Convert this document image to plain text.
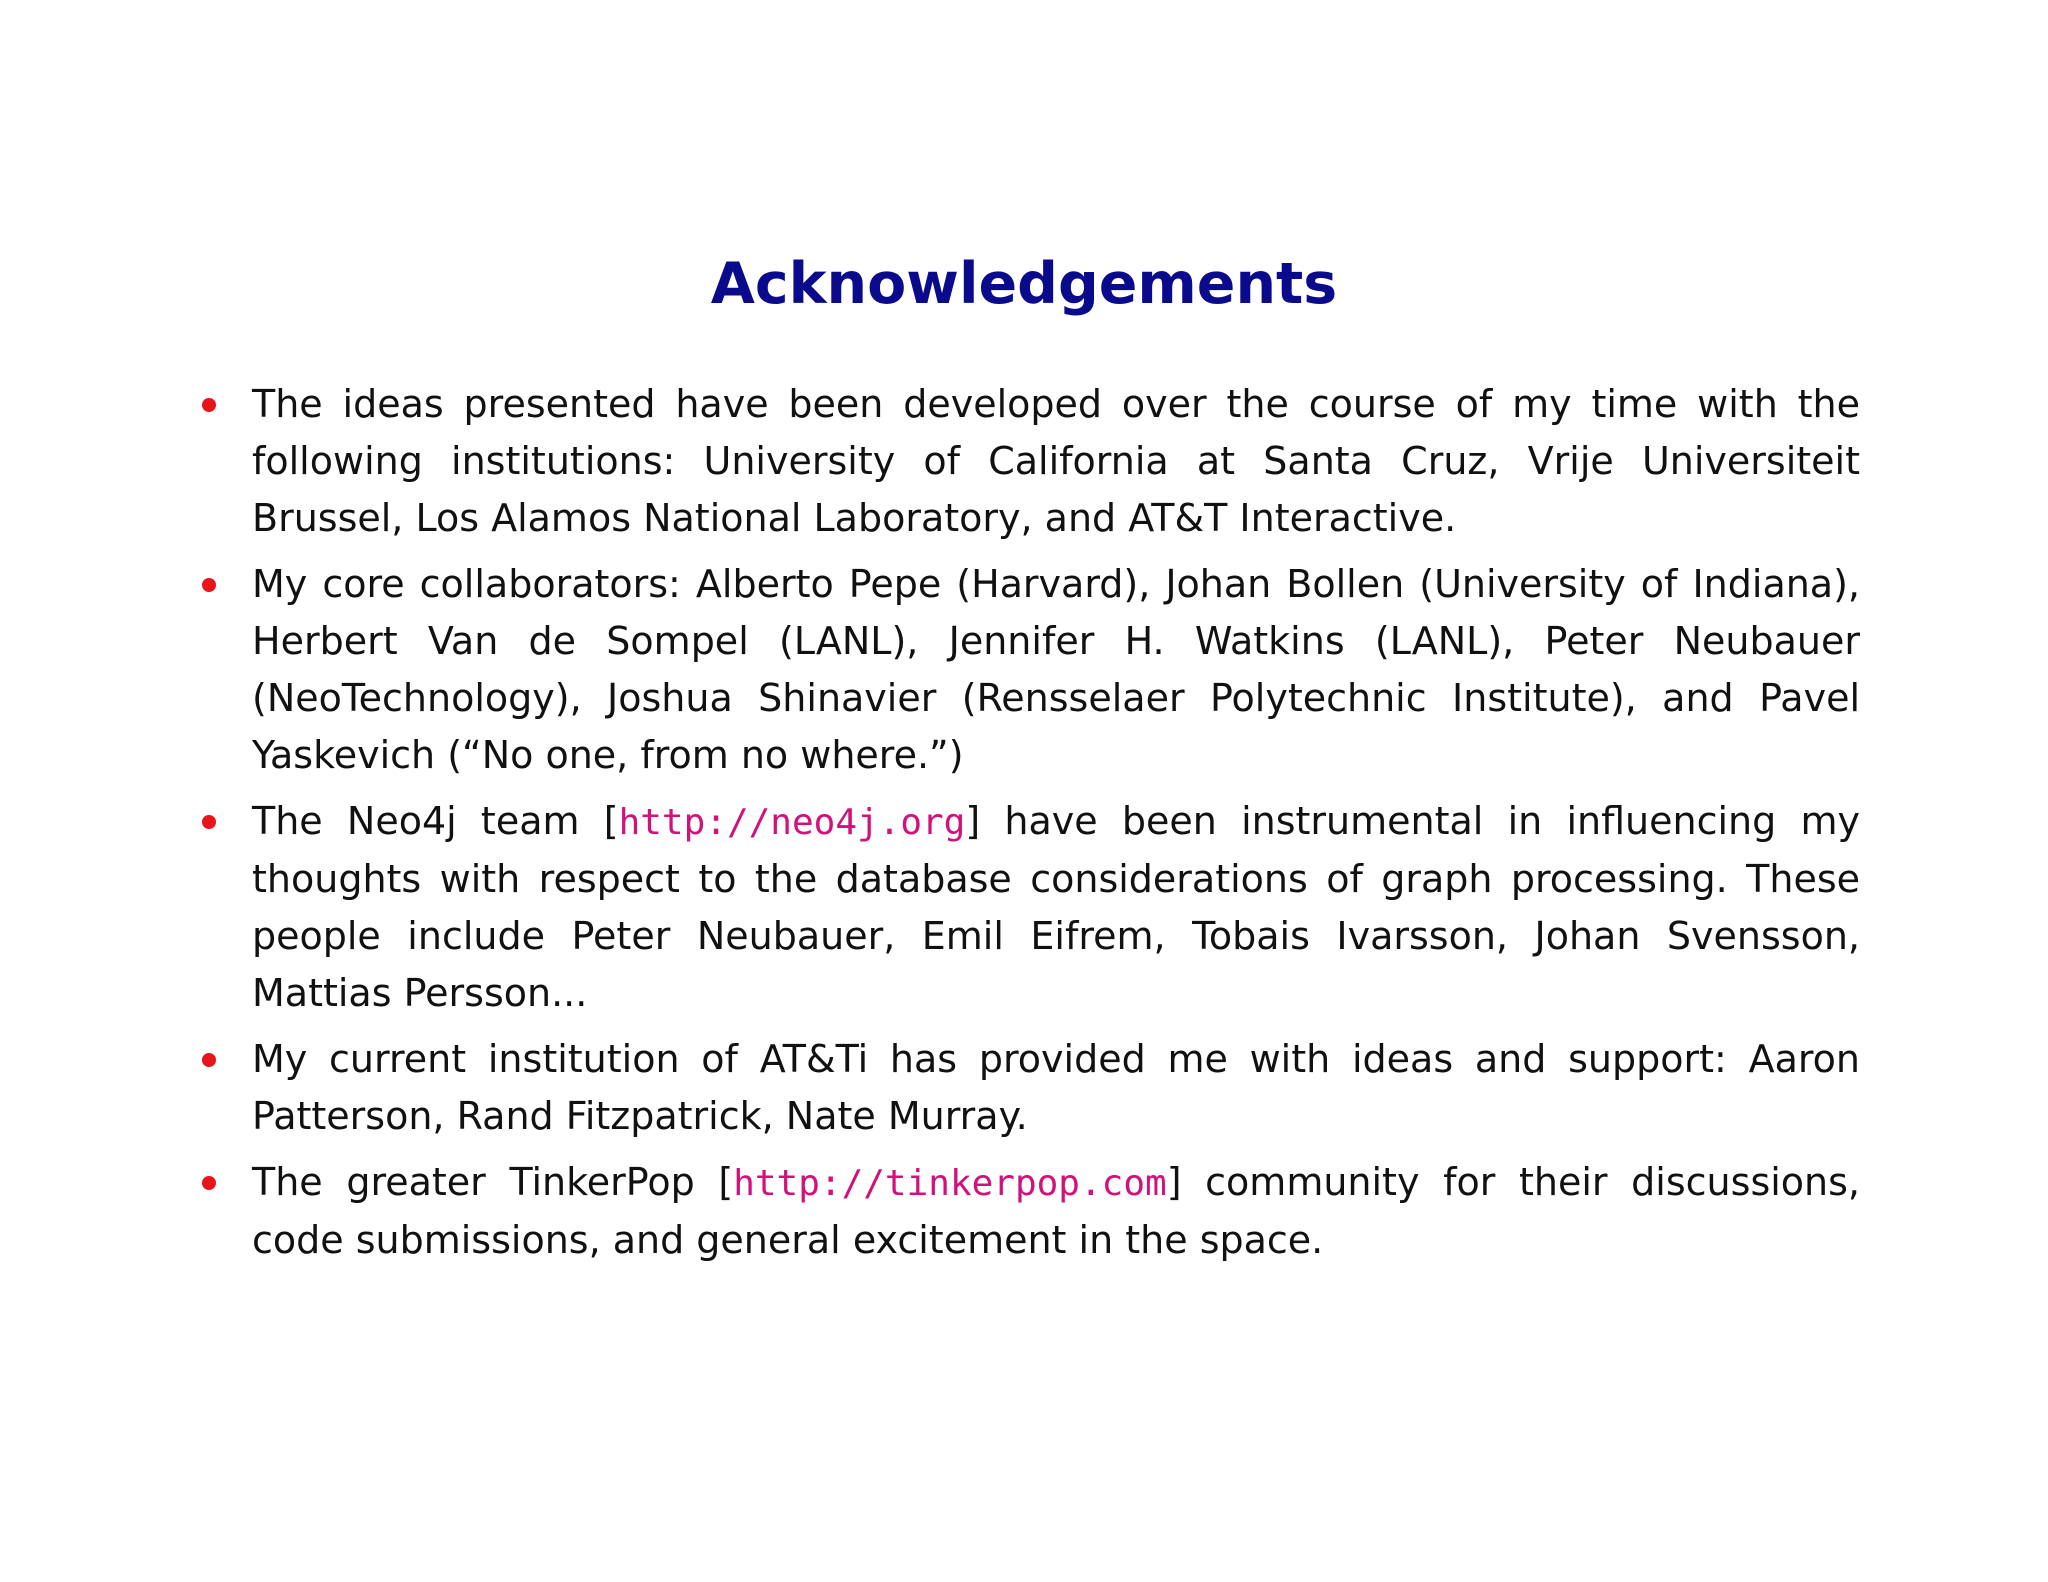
Acknowledgements
The ideas presented have been developed over the course of my time with the following institutions: University of California at Santa Cruz, Vrije Universiteit Brussel, Los Alamos National Laboratory, and AT&T Interactive.
My core collaborators: Alberto Pepe (Harvard), Johan Bollen (University of Indiana), Herbert Van de Sompel (LANL), Jennifer H. Watkins (LANL), Peter Neubauer (NeoTechnology), Joshua Shinavier (Rensselaer Polytechnic Institute), and Pavel Yaskevich (“No one, from no where.”)
The Neo4j team [http://neo4j.org] have been instrumental in influencing my thoughts with respect to the database considerations of graph processing. These people include Peter Neubauer, Emil Eifrem, Tobais Ivarsson, Johan Svensson, Mattias Persson...
My current institution of AT&Ti has provided me with ideas and support: Aaron Patterson, Rand Fitzpatrick, Nate Murray.
The greater TinkerPop [http://tinkerpop.com] community for their discussions, code submissions, and general excitement in the space.
